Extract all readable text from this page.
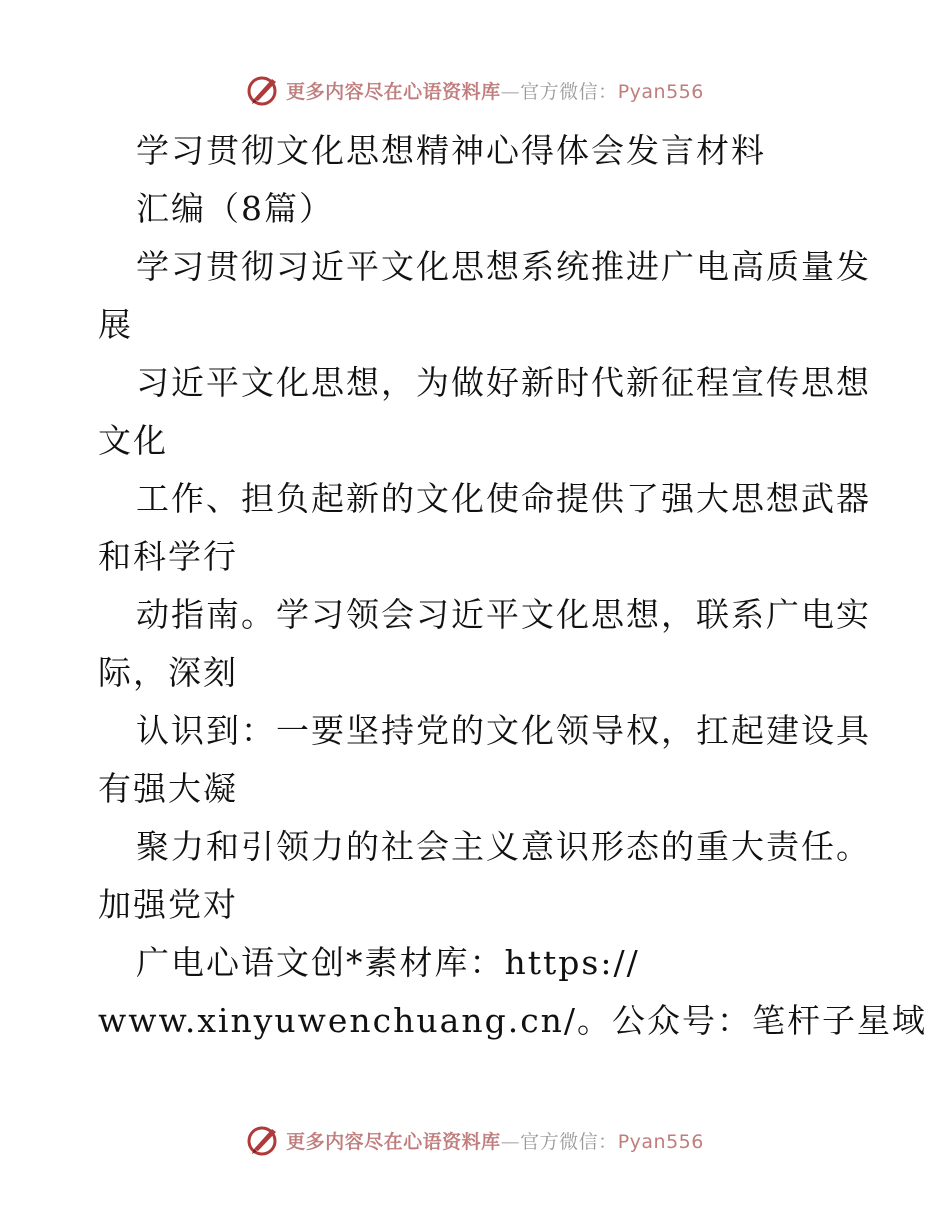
更多内容尽在心语资料库—官方微信：Pyan556
学习贯彻文化思想精神心得体会发言材料
汇编（8篇）
学习贯彻习近平文化思想系统推进广电高质量发
展
习近平文化思想，为做好新时代新征程宣传思想
文化
工作、担负起新的文化使命提供了强大思想武器
和科学行
动指南。学习领会习近平文化思想，联系广电实
际，深刻
认识到：一要坚持党的文化领导权，扛起建设具
有强大凝
聚力和引领力的社会主义意识形态的重大责任。
加强党对
广电心语文创*素材库：https://
www.xinyuwenchuang.cn/。公众号：笔杆子星域
更多内容尽在心语资料库—官方微信：Pyan556
